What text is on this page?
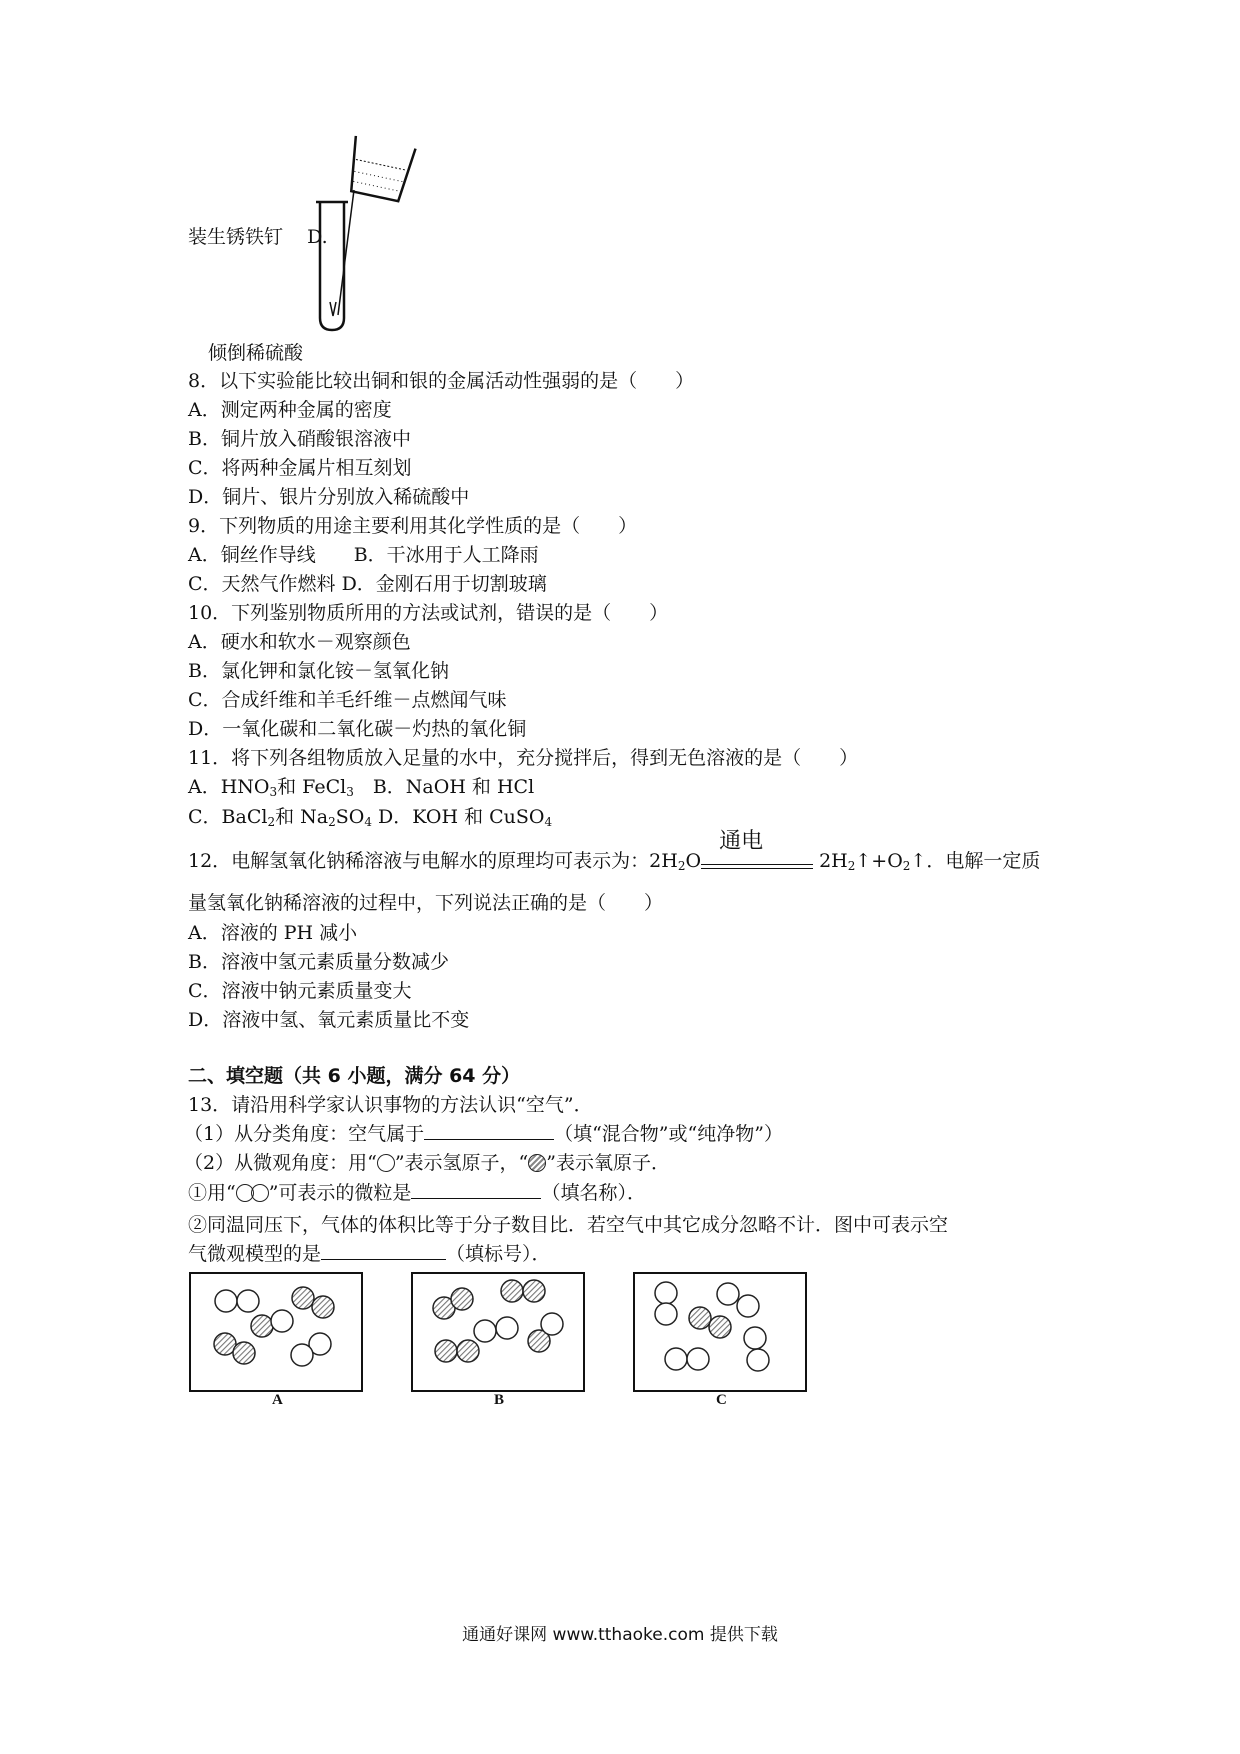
装生锈铁钉 D.
倾倒稀硫酸
8．以下实验能比较出铜和银的金属活动性强弱的是（　　）
A．测定两种金属的密度
B．铜片放入硝酸银溶液中
C．将两种金属片相互刻划
D．铜片、银片分别放入稀硫酸中
9．下列物质的用途主要利用其化学性质的是（　　）
A．铜丝作导线　　B．干冰用于人工降雨
C．天然气作燃料 D．金刚石用于切割玻璃
10．下列鉴别物质所用的方法或试剂，错误的是（　　）
A．硬水和软水－观察颜色
B．氯化钾和氯化铵－氢氧化钠
C．合成纤维和羊毛纤维－点燃闻气味
D．一氧化碳和二氧化碳－灼热的氧化铜
11．将下列各组物质放入足量的水中，充分搅拌后，得到无色溶液的是（　　）
A．$HNO_3$和 FeCl$_3$　B．NaOH 和 HCl
C．BaCl$_2$和 $Na_2SO_4$ D．KOH 和 CuSO$_4$
12．电解氢氧化钠稀溶液与电解水的原理均可表示为：$2H_2O$
通电
$2H_2↑+O_2↑$．电解一定质
量氢氧化钠稀溶液的过程中，下列说法正确的是（　　）
A．溶液的 PH 减小
B．溶液中氢元素质量分数减少
C．溶液中钠元素质量变大
D．溶液中氢、氧元素质量比不变
二、填空题（共 6 小题，满分 64 分）
13．请沿用科学家认识事物的方法认识“空气”．
（1）从分类角度：空气属于	（填“混合物”或“纯净物”）
（2）从微观角度：用“ ”表示氢原子，“ ”表示氧原子．
①用“ ”可表示的微粒是	（填名称）．
②同温同压下，气体的体积比等于分子数目比．若空气中其它成分忽略不计．图中可表示空
气微观模型的是	（填标号）．
A	B	C
通通好课网 www.tthaoke.com 提供下载
